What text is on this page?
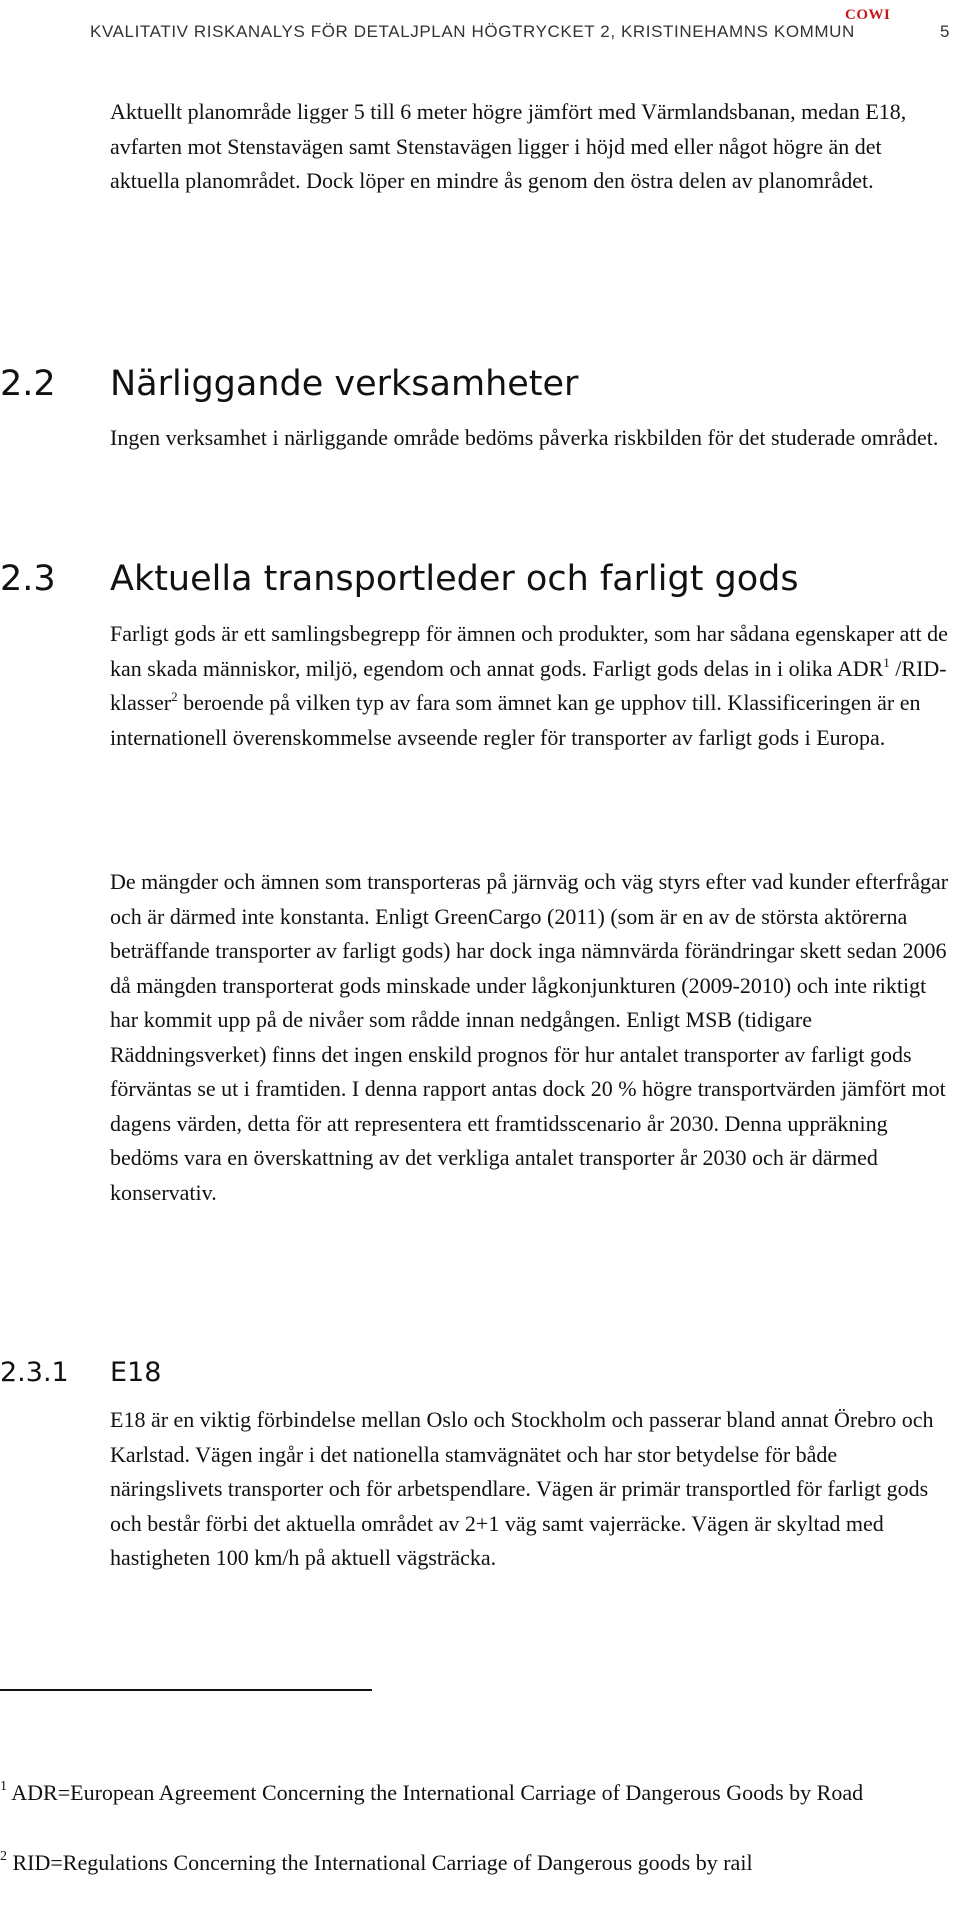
KVALITATIV RISKANALYS FÖR DETALJPLAN HÖGTRYCKET 2, KRISTINEHAMNS KOMMUN
COWI
5

Aktuellt planområde ligger 5 till 6 meter högre jämfört med Värmlandsbanan, medan E18, avfarten mot Stenstavägen samt Stenstavägen ligger i höjd med eller något högre än det aktuella planområdet. Dock löper en mindre ås genom den östra delen av planområdet.

2.2 Närliggande verksamheter

Ingen verksamhet i närliggande område bedöms påverka riskbilden för det studerade området.

2.3 Aktuella transportleder och farligt gods

Farligt gods är ett samlingsbegrepp för ämnen och produkter, som har sådana egenskaper att de kan skada människor, miljö, egendom och annat gods. Farligt gods delas in i olika ADR$^1$ /RID-klasser$^2$ beroende på vilken typ av fara som ämnet kan ge upphov till. Klassificeringen är en internationell överenskommelse avseende regler för transporter av farligt gods i Europa.

De mängder och ämnen som transporteras på järnväg och väg styrs efter vad kunder efterfrågar och är därmed inte konstanta. Enligt GreenCargo (2011) (som är en av de största aktörerna beträffande transporter av farligt gods) har dock inga nämnvärda förändringar skett sedan 2006 då mängden transporterat gods minskade under lågkonjunkturen (2009-2010) och inte riktigt har kommit upp på de nivåer som rådde innan nedgången. Enligt MSB (tidigare Räddningsverket) finns det ingen enskild prognos för hur antalet transporter av farligt gods förväntas se ut i framtiden. I denna rapport antas dock 20 % högre transportvärden jämfört mot dagens värden, detta för att representera ett framtidsscenario år 2030. Denna uppräkning bedöms vara en överskattning av det verkliga antalet transporter år 2030 och är därmed konservativ.

2.3.1 E18

E18 är en viktig förbindelse mellan Oslo och Stockholm och passerar bland annat Örebro och Karlstad. Vägen ingår i det nationella stamvägnätet och har stor betydelse för både näringslivets transporter och för arbetspendlare. Vägen är primär transportled för farligt gods och består förbi det aktuella området av 2+1 väg samt vajerräcke. Vägen är skyltad med hastigheten 100 km/h på aktuell vägsträcka.

$^1$ ADR=European Agreement Concerning the International Carriage of Dangerous Goods by Road

$^2$ RID=Regulations Concerning the International Carriage of Dangerous goods by rail
